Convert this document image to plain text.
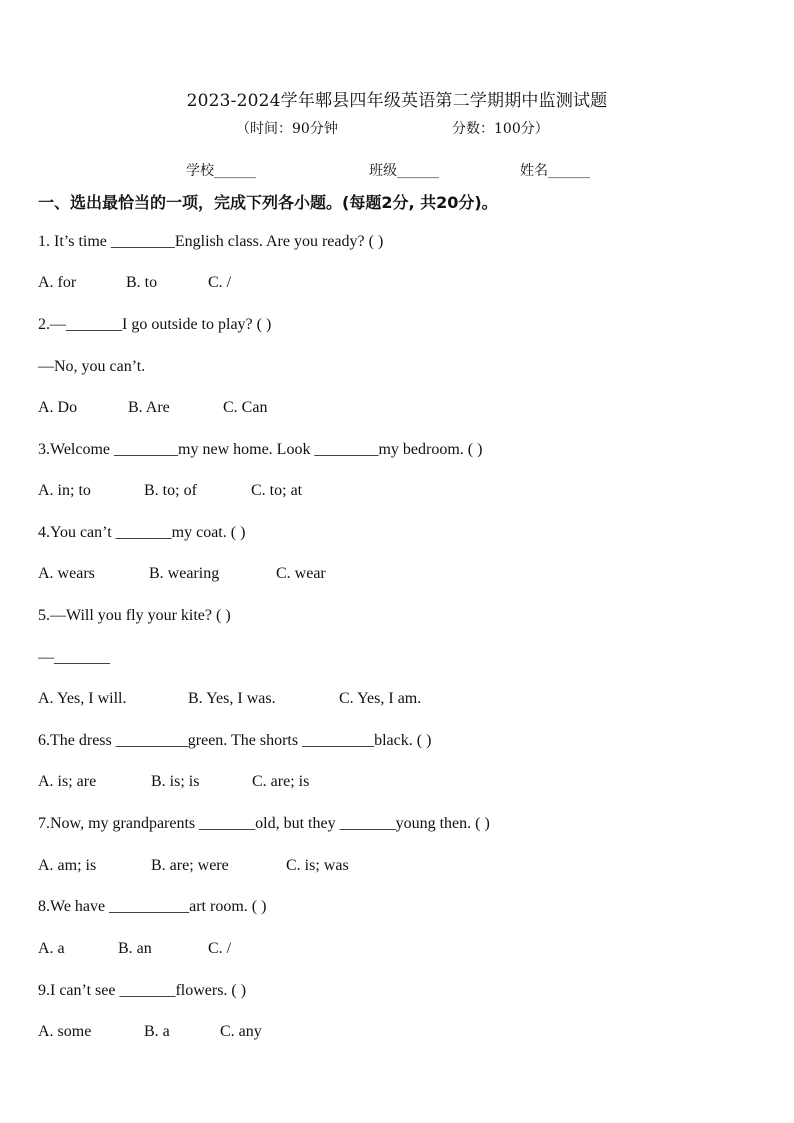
2023-2024学年郫县四年级英语第二学期期中监测试题
（时间：90分钟	分数：100分）
学校______	班级______	姓名______
一、选出最恰当的一项，完成下列各小题。(每题2分, 共20分)。
1. It’s time ________English class. Are you ready? ( )
A. for	B. to	C. /
2.—_______I go outside to play? ( )
—No, you can’t.
A. Do	B. Are	C. Can
3.Welcome ________my new home. Look ________my bedroom. ( )
A. in; to	B. to; of	C. to; at
4.You can’t _______my coat. ( )
A. wears	B. wearing	C. wear
5.—Will you fly your kite? ( )
—_______
A. Yes, I will.	B. Yes, I was.	C. Yes, I am.
6.The dress _________green. The shorts _________black. ( )
A. is; are	B. is; is	C. are; is
7.Now, my grandparents _______old, but they _______young then. ( )
A. am; is	B. are; were	C. is; was
8.We have __________art room. ( )
A. a	B. an	C. /
9.I can’t see _______flowers. ( )
A. some	B. a	C. any
